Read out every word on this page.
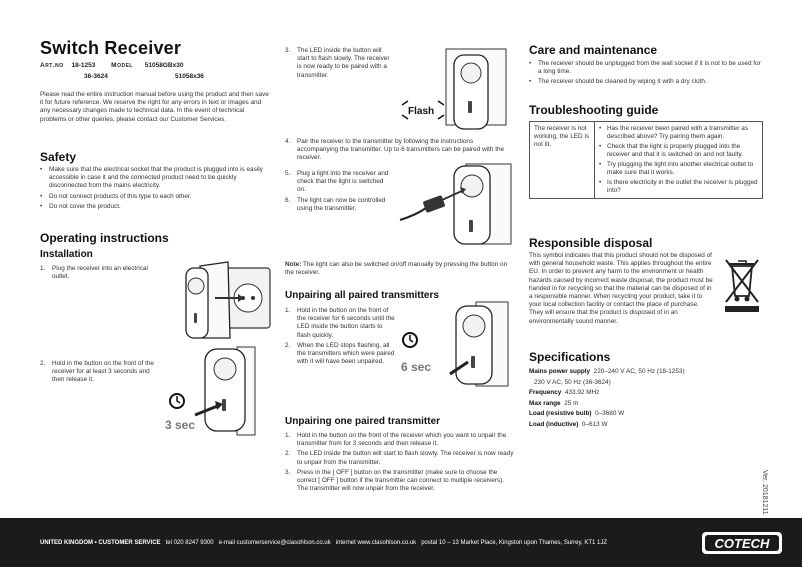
Switch Receiver
Art.no 18-1253 Model 51058GBx30
36-3624	51058x36

Please read the entire instruction manual before using the product and then save it for future reference. We reserve the right for any errors in text or images and any necessary changes made to technical data. In the event of technical problems or other queries, please contact our Customer Services.

Safety
• Make sure that the electrical socket that the product is plugged into is easily accessible in case it and the connected product need to be quickly disconnected from the mains electricity.
• Do not connect products of this type to each other.
• Do not cover the product.
Operating instructions
Installation
1. Plug the receiver into an electrical outlet.
2. Hold in the button on the front of the receiver for at least 3 seconds and then release it.
3 sec
3. The LED inside the button will start to flash slowly. The receiver is now ready to be paired with a transmitter.
Flash
4. Pair the receiver to the transmitter by following the instructions accompanying the transmitter. Up to 6 transmitters can be paired with the receiver.
5. Plug a light into the receiver and check that the light is switched on.
6. The light can now be controlled using the transmitter.

Note: The light can also be switched on/off manually by pressing the button on the receiver.

Unpairing all paired transmitters
1. Hold in the button on the front of the receiver for 6 seconds until the LED inside the button starts to flash quickly.
2. When the LED stops flashing, all the transmitters which were paired with it will have been unpaired.	6 sec
Unpairing one paired transmitter
1. Hold in the button on the front of the receiver which you want to unpair the transmitter from for 3 seconds and then release it.
2. The LED inside the button will start to flash slowly. The receiver is now ready to unpair from the transmitter.
3. Press in the [ OFF ] button on the transmitter (make sure to choose the correct [ OFF ] button if the transmitter can connect to multiple receivers). The transmitter will now unpair from the receiver.
Care and maintenance
• The receiver should be unplugged from the wall socket if it is not to be used for a long time.
• The receiver should be cleaned by wiping it with a dry cloth.
Troubleshooting guide
The receiver is not working, the LED is not lit.	
• Has the receiver been paired with a transmitter as described above? Try pairing them again.
• Check that the light is properly plugged into the receiver and that it is switched on and not faulty.
• Try plugging the light into another electrical outlet to make sure that it works.
• Is there electricity in the outlet the receiver is plugged into?
Responsible disposal

This symbol indicates that this product should not be disposed of with general household waste. This applies throughout the entire EU. In order to prevent any harm to the environment or health hazards caused by incorrect waste disposal, the product must be handed in for recycling so that the material can be disposed of in a responsible manner. When recycling your product, take it to your local collection facility or contact the place of purchase. They will ensure that the product is disposed of in an environmentally sound manner.

Specifications
Mains power supply 220–240 V AC, 50 Hz (18-1253)
230 V AC, 50 Hz (36-3624)
Frequency 433.92 MHz
Max range 25 m
Load (resistive bulb) 0–3680 W
Load (inductive) 0–613 W
Ver. 20181211
UNITED KINGDOM • CUSTOMER SERVICE tel 020 8247 9300 e-mail customerservice@clasohlson.co.uk internet www.clasohlson.co.uk postal 10 – 13 Market Place, Kingston upon Thames, Surrey, KT1 1JZ	COTECH
